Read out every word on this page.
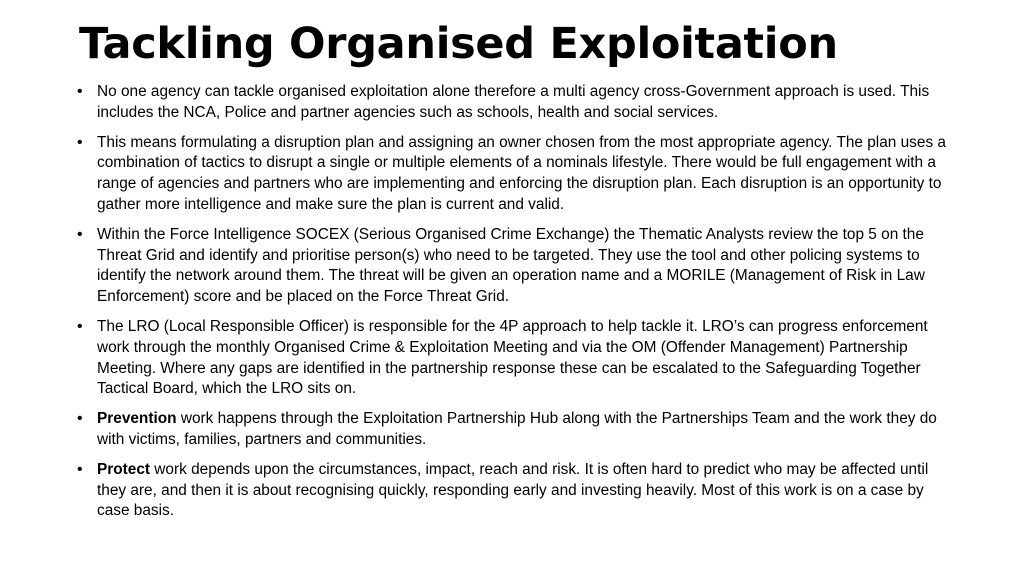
Tackling Organised Exploitation
• No one agency can tackle organised exploitation alone therefore a multi agency cross-Government approach is used. This includes the NCA, Police and partner agencies such as schools, health and social services.
• This means formulating a disruption plan and assigning an owner chosen from the most appropriate agency. The plan uses a combination of tactics to disrupt a single or multiple elements of a nominals lifestyle. There would be full engagement with a range of agencies and partners who are implementing and enforcing the disruption plan. Each disruption is an opportunity to gather more intelligence and make sure the plan is current and valid.
• Within the Force Intelligence SOCEX (Serious Organised Crime Exchange) the Thematic Analysts review the top 5 on the Threat Grid and identify and prioritise person(s) who need to be targeted. They use the tool and other policing systems to identify the network around them. The threat will be given an operation name and a MORILE (Management of Risk in Law Enforcement) score and be placed on the Force Threat Grid.
• The LRO (Local Responsible Officer) is responsible for the 4P approach to help tackle it. LRO’s can progress enforcement work through the monthly Organised Crime & Exploitation Meeting and via the OM (Offender Management) Partnership Meeting. Where any gaps are identified in the partnership response these can be escalated to the Safeguarding Together Tactical Board, which the LRO sits on.
• Prevention work happens through the Exploitation Partnership Hub along with the Partnerships Team and the work they do with victims, families, partners and communities.
• Protect work depends upon the circumstances, impact, reach and risk. It is often hard to predict who may be affected until they are, and then it is about recognising quickly, responding early and investing heavily. Most of this work is on a case by case basis.
